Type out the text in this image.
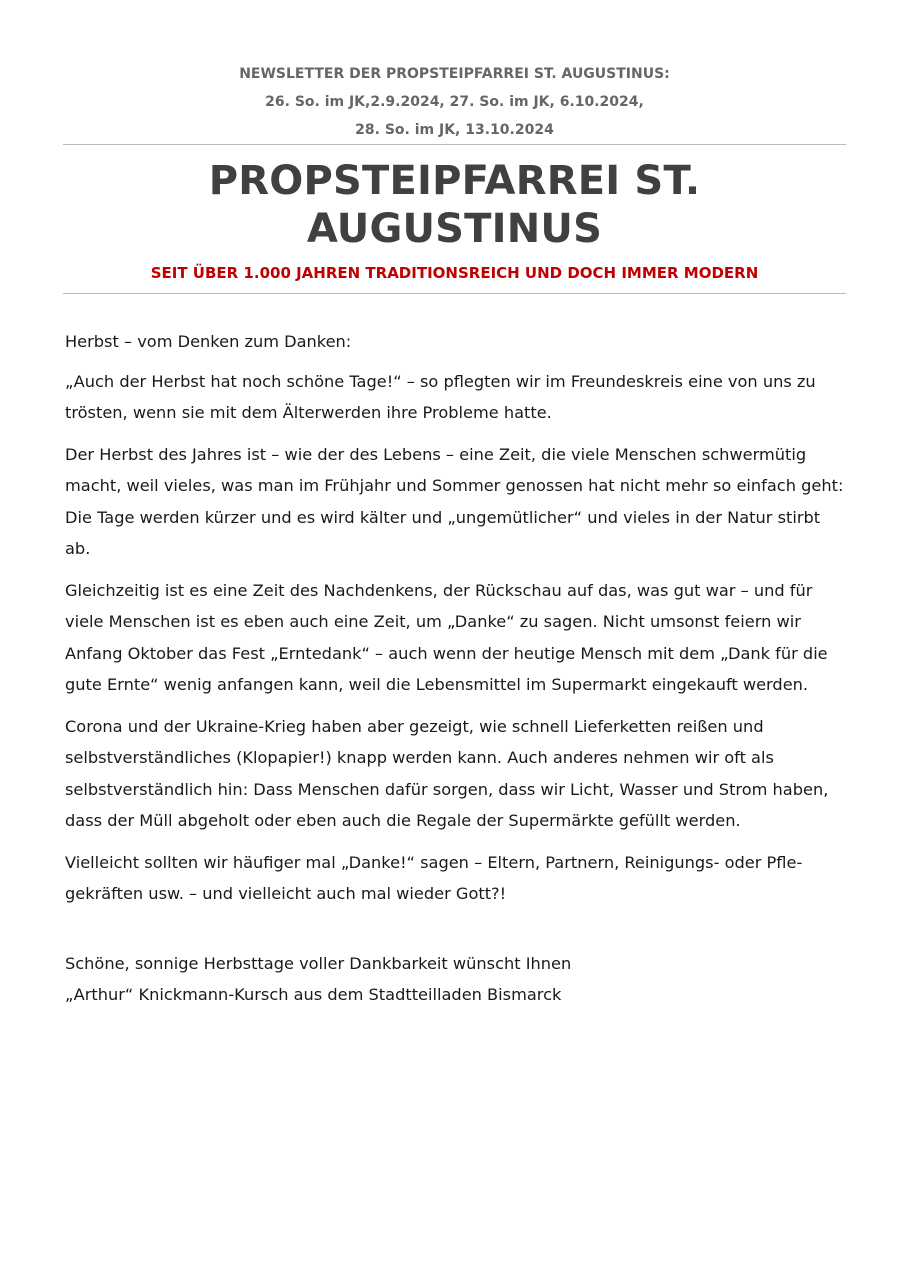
NEWSLETTER DER PROPSTEIPFARREI ST. AUGUSTINUS:
26. So. im JK,2.9.2024, 27. So. im JK, 6.10.2024,
28. So. im JK, 13.10.2024
PROPSTEIPFARREI ST. AUGUSTINUS
SEIT ÜBER 1.000 JAHREN TRADITIONSREICH UND DOCH IMMER MODERN

Herbst – vom Denken zum Danken:

„Auch der Herbst hat noch schöne Tage!“ – so pflegten wir im Freundeskreis eine von uns zu trösten, wenn sie mit dem Älterwerden ihre Probleme hatte.

Der Herbst des Jahres ist – wie der des Lebens – eine Zeit, die viele Menschen schwermütig macht, weil vieles, was man im Frühjahr und Sommer genossen hat nicht mehr so einfach geht: Die Tage werden kürzer und es wird kälter und „ungemütlicher“ und vieles in der Natur stirbt ab.

Gleichzeitig ist es eine Zeit des Nachdenkens, der Rückschau auf das, was gut war – und für viele Menschen ist es eben auch eine Zeit, um „Danke“ zu sagen. Nicht umsonst feiern wir Anfang Oktober das Fest „Erntedank“ – auch wenn der heutige Mensch mit dem „Dank für die gute Ernte“ wenig anfangen kann, weil die Lebensmittel im Supermarkt eingekauft werden.

Corona und der Ukraine-Krieg haben aber gezeigt, wie schnell Lieferketten reißen und selbstverständliches (Klopapier!) knapp werden kann. Auch anderes nehmen wir oft als selbstverständlich hin: Dass Menschen dafür sorgen, dass wir Licht, Wasser und Strom haben, dass der Müll abgeholt oder eben auch die Regale der Supermärkte gefüllt werden.

Vielleicht sollten wir häufiger mal „Danke!“ sagen – Eltern, Partnern, Reinigungs- oder Pflegekräften usw. – und vielleicht auch mal wieder Gott?!

Schöne, sonnige Herbsttage voller Dankbarkeit wünscht Ihnen
„Arthur“ Knickmann-Kursch aus dem Stadtteilladen Bismarck
